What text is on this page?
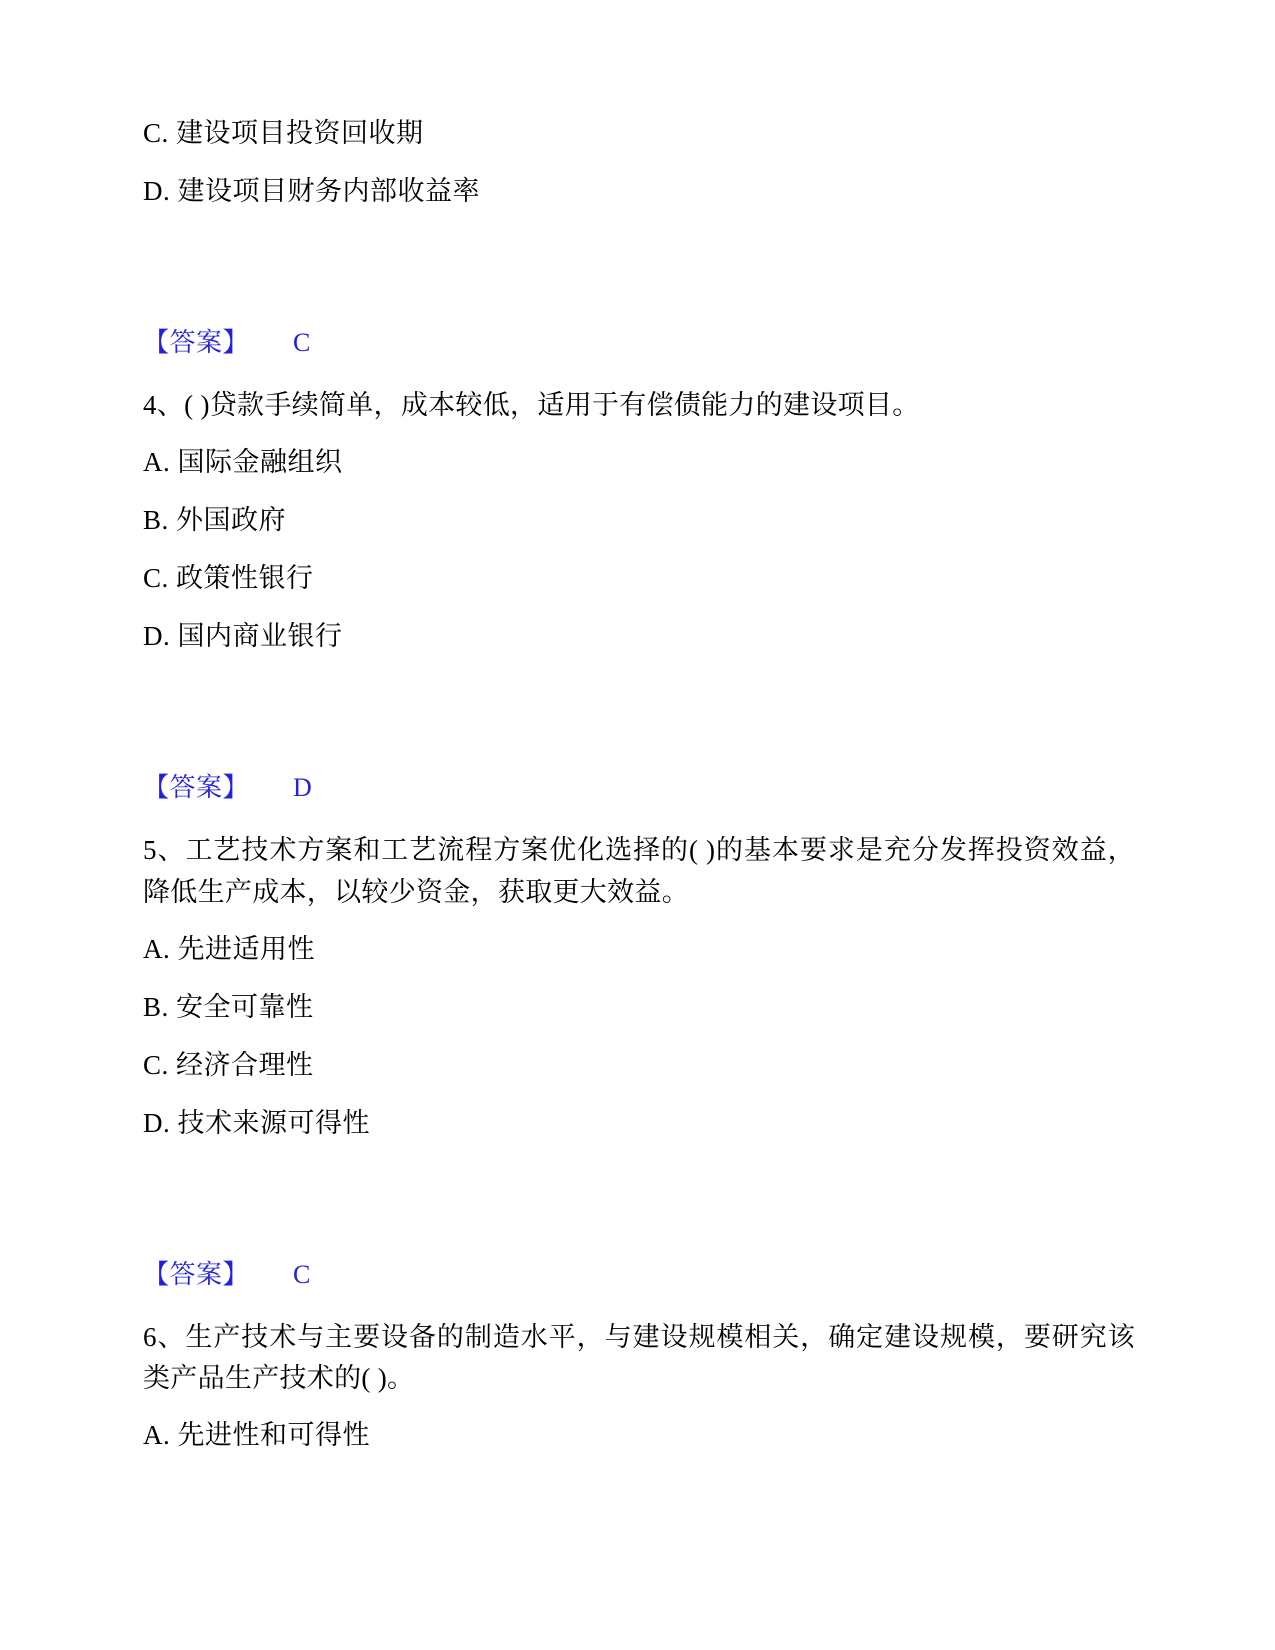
C. 建设项目投资回收期

D. 建设项目财务内部收益率

【答案】 C

4、( )贷款手续简单，成本较低，适用于有偿债能力的建设项目。

A. 国际金融组织

B. 外国政府

C. 政策性银行

D. 国内商业银行

【答案】 D

5、工艺技术方案和工艺流程方案优化选择的( )的基本要求是充分发挥投资效益，降低生产成本，以较少资金，获取更大效益。

A. 先进适用性

B. 安全可靠性

C. 经济合理性

D. 技术来源可得性

【答案】 C

6、生产技术与主要设备的制造水平，与建设规模相关，确定建设规模，要研究该类产品生产技术的( )。

A. 先进性和可得性
